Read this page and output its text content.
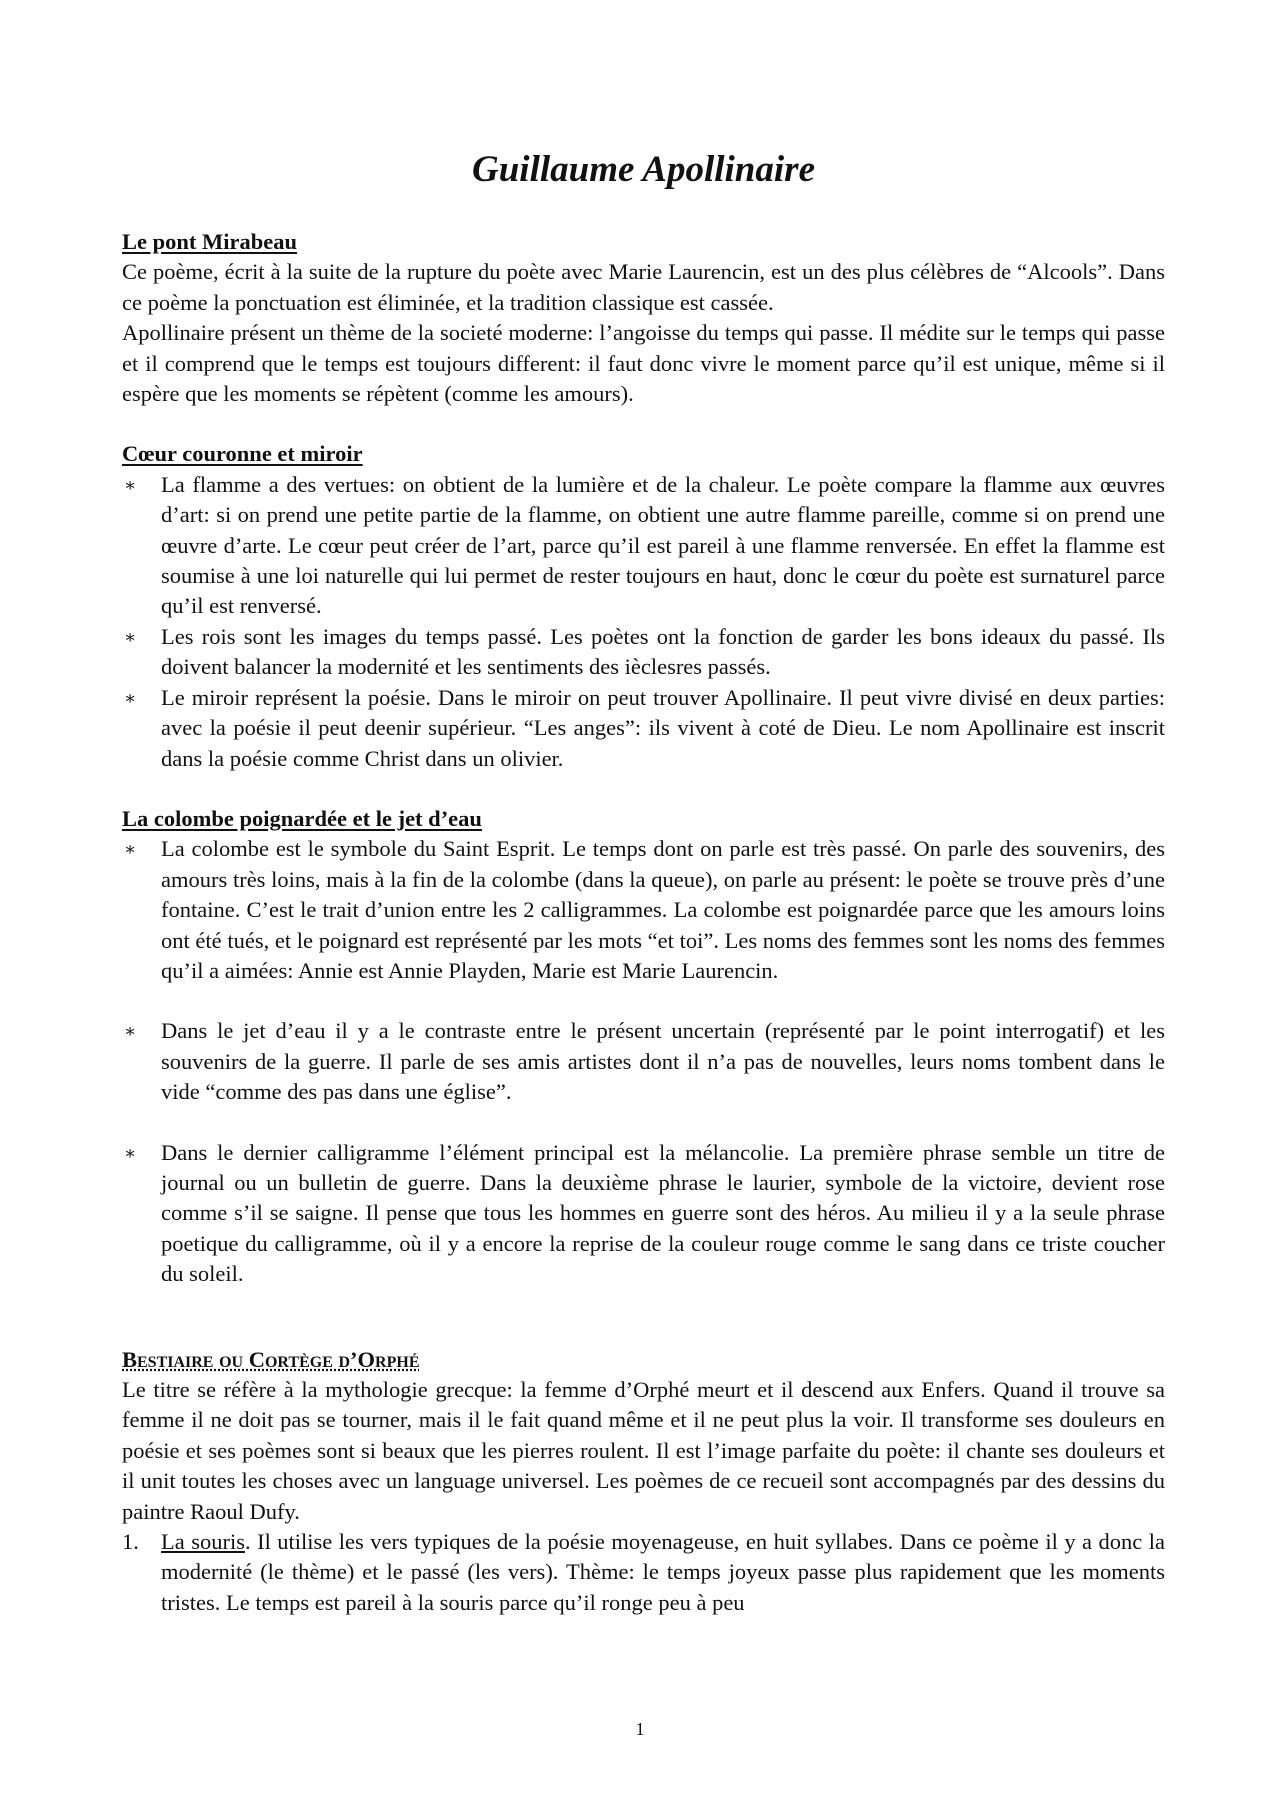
Guillaume Apollinaire
Le pont Mirabeau

Ce poème, écrit à la suite de la rupture du poète avec Marie Laurencin, est un des plus célèbres de “Alcools”. Dans ce poème la ponctuation est éliminée, et la tradition classique est cassée.

Apollinaire présent un thème de la societé moderne: l’angoisse du temps qui passe. Il médite sur le temps qui passe et il comprend que le temps est toujours different: il faut donc vivre le moment parce qu’il est unique, même si il espère que les moments se répètent (comme les amours).

Cœur couronne et miroir
∗ La flamme a des vertues: on obtient de la lumière et de la chaleur. Le poète compare la flamme aux œuvres d’art: si on prend une petite partie de la flamme, on obtient une autre flamme pareille, comme si on prend une œuvre d’arte. Le cœur peut créer de l’art, parce qu’il est pareil à une flamme renversée. En effet la flamme est soumise à une loi naturelle qui lui permet de rester toujours en haut, donc le cœur du poète est surnaturel parce qu’il est renversé.
∗ Les rois sont les images du temps passé. Les poètes ont la fonction de garder les bons ideaux du passé. Ils doivent balancer la modernité et les sentiments des ièclesres passés.
∗ Le miroir représent la poésie. Dans le miroir on peut trouver Apollinaire. Il peut vivre divisé en deux parties: avec la poésie il peut deenir supérieur. “Les anges”: ils vivent à coté de Dieu. Le nom Apollinaire est inscrit dans la poésie comme Christ dans un olivier.
La colombe poignardée et le jet d’eau
∗ La colombe est le symbole du Saint Esprit. Le temps dont on parle est très passé. On parle des souvenirs, des amours très loins, mais à la fin de la colombe (dans la queue), on parle au présent: le poète se trouve près d’une fontaine. C’est le trait d’union entre les 2 calligrammes. La colombe est poignardée parce que les amours loins ont été tués, et le poignard est représenté par les mots “et toi”. Les noms des femmes sont les noms des femmes qu’il a aimées: Annie est Annie Playden, Marie est Marie Laurencin.
∗ Dans le jet d’eau il y a le contraste entre le présent uncertain (représenté par le point interrogatif) et les souvenirs de la guerre. Il parle de ses amis artistes dont il n’a pas de nouvelles, leurs noms tombent dans le vide “comme des pas dans une église”.
∗ Dans le dernier calligramme l’élément principal est la mélancolie. La première phrase semble un titre de journal ou un bulletin de guerre. Dans la deuxième phrase le laurier, symbole de la victoire, devient rose comme s’il se saigne. Il pense que tous les hommes en guerre sont des héros. Au milieu il y a la seule phrase poetique du calligramme, où il y a encore la reprise de la couleur rouge comme le sang dans ce triste coucher du soleil.
Bestiaire ou Cortège d’Orphé

Le titre se réfère à la mythologie grecque: la femme d’Orphé meurt et il descend aux Enfers. Quand il trouve sa femme il ne doit pas se tourner, mais il le fait quand même et il ne peut plus la voir. Il transforme ses douleurs en poésie et ses poèmes sont si beaux que les pierres roulent. Il est l’image parfaite du poète: il chante ses douleurs et il unit toutes les choses avec un language universel. Les poèmes de ce recueil sont accompagnés par des dessins du paintre Raoul Dufy.

1. La souris. Il utilise les vers typiques de la poésie moyenageuse, en huit syllabes. Dans ce poème il y a donc la modernité (le thème) et le passé (les vers). Thème: le temps joyeux passe plus rapidement que les moments tristes. Le temps est pareil à la souris parce qu’il ronge peu à peu
1
